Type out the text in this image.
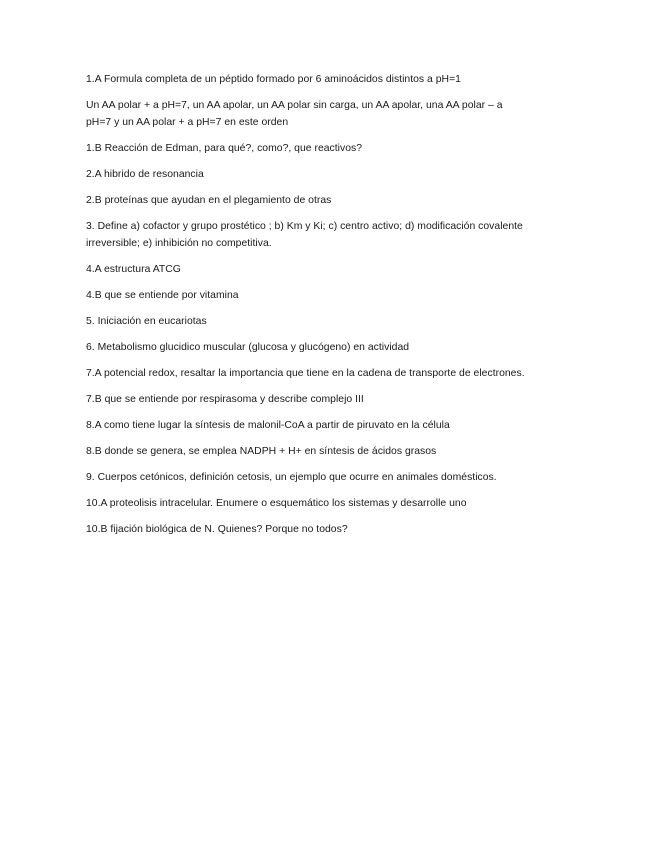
1.A Formula completa de un péptido formado por 6 aminoácidos distintos a pH=1

Un AA polar + a pH=7, un AA apolar, un AA polar sin carga, un AA apolar, una AA polar – a pH=7 y un AA polar + a pH=7 en este orden

1.B Reacción de Edman, para qué?, como?, que reactivos?

2.A hibrido de resonancia

2.B proteínas que ayudan en el plegamiento de otras

3. Define a) cofactor y grupo prostético ; b) Km y Ki; c) centro activo; d) modificación covalente irreversible; e) inhibición no competitiva.

4.A estructura ATCG

4.B que se entiende por vitamina

5. Iniciación en eucariotas

6. Metabolismo glucidico muscular (glucosa y glucógeno) en actividad

7.A potencial redox, resaltar la importancia que tiene en la cadena de transporte de electrones.

7.B que se entiende por respirasoma y describe complejo III

8.A como tiene lugar la síntesis de malonil-CoA a partir de piruvato en la célula

8.B donde se genera, se emplea NADPH + H+ en síntesis de ácidos grasos

9. Cuerpos cetónicos, definición cetosis, un ejemplo que ocurre en animales domésticos.

10.A proteolisis intracelular. Enumere o esquemático los sistemas y desarrolle uno

10.B fijación biológica de N. Quienes? Porque no todos?
